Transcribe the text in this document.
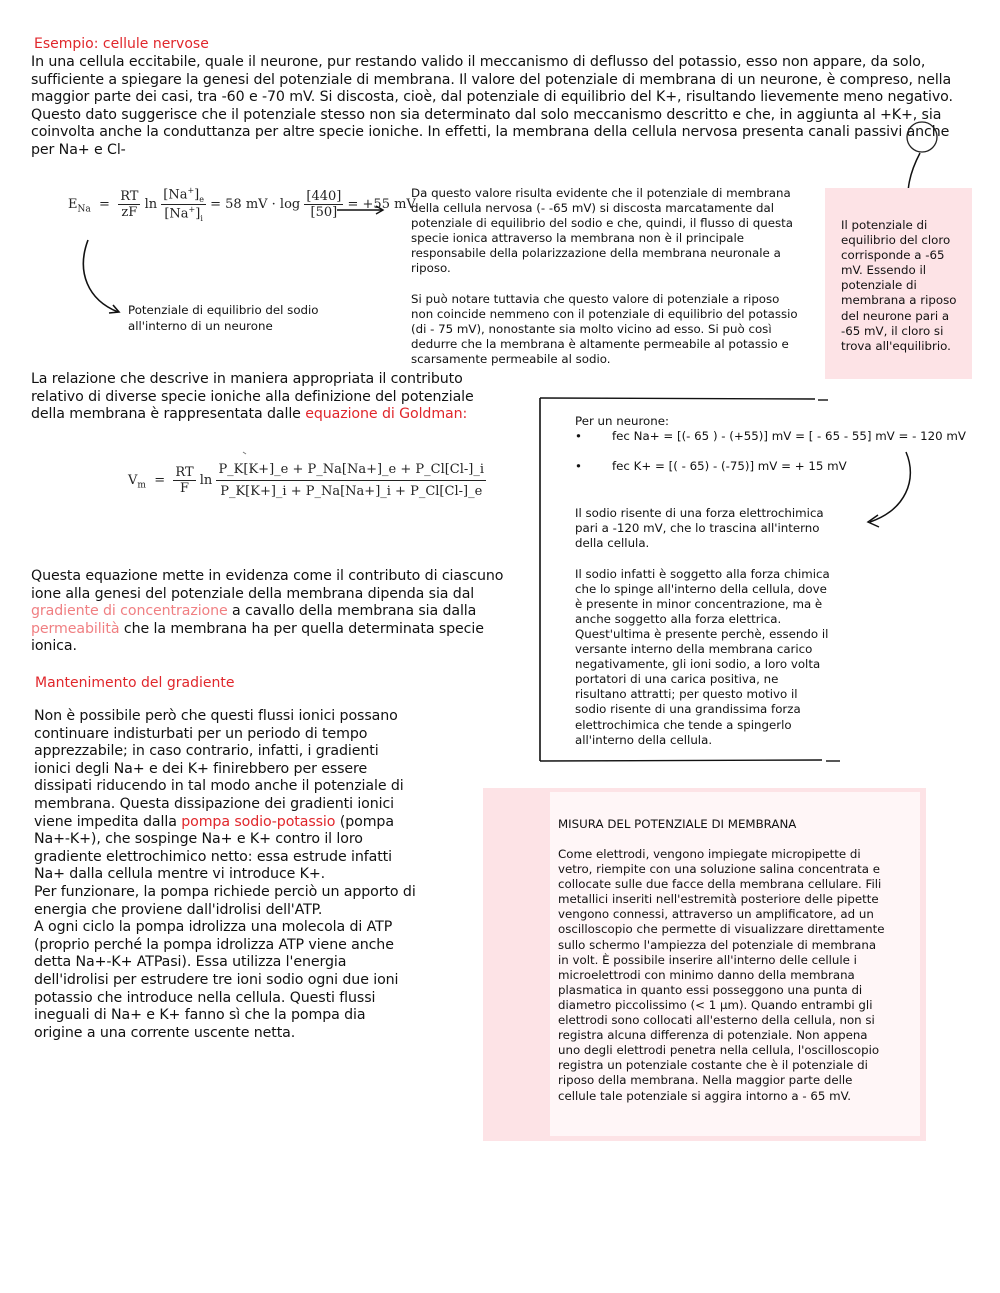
Esempio: cellule nervose

In una cellula eccitabile, quale il neurone, pur restando valido il meccanismo di deflusso del potassio, esso non appare, da solo, sufficiente a spiegare la genesi del potenziale di membrana. Il valore del potenziale di membrana di un neurone, è compreso, nella maggior parte dei casi, tra -60 e -70 mV. Si discosta, cioè, dal potenziale di equilibrio del K+, risultando lievemente meno negativo.

Questo dato suggerisce che il potenziale stesso non sia determinato dal solo meccanismo descritto e che, in aggiunta al +K+, sia coinvolta anche la conduttanza per altre specie ioniche. In effetti, la membrana della cellula nervosa presenta canali passivi anche per Na+ e Cl-

$E_{Na} = \frac{RT}{zF}$ $\ln \frac{[Na^+]_e}{[Na^+]_i} = 58$ mV · $\log \frac{[440]}{[50]} = +55$ mV
Potenziale di equilibrio del sodio all'interno di un neurone

Da questo valore risulta evidente che il potenziale di membrana della cellula nervosa (- -65 mV) si discosta marcatamente dal potenziale di equilibrio del sodio e che, quindi, il flusso di questa specie ionica attraverso la membrana non è il principale responsabile della polarizzazione della membrana neuronale a riposo.

Si può notare tuttavia che questo valore di potenziale a riposo non coincide nemmeno con il potenziale di equilibrio del potassio (di - 75 mV), nonostante sia molto vicino ad esso. Si può così dedurre che la membrana è altamente permeabile al potassio e scarsamente permeabile al sodio.

Il potenziale di equilibrio del cloro corrisponde a -65 mV. Essendo il potenziale di membrana a riposo del neurone pari a -65 mV, il cloro si trova all'equilibrio.
La relazione che descrive in maniera appropriata il contributo relativo di diverse specie ioniche alla definizione del potenziale della membrana è rappresentata dalle equazione di Goldman:
$V_m = \frac{RT}{F}$ $\ln \frac{P\_K[K+]\_e + P\_Na[Na+]\_e + P\_Cl[Cl-]\_i}{P\_K[K+]\_i + P\_Na[Na+]\_i + P\_Cl[Cl-]\_e}$
Questa equazione mette in evidenza come il contributo di ciascuno ione alla genesi del potenziale della membrana dipenda sia dal gradiente di concentrazione a cavallo della membrana sia dalla permeabilità che la membrana ha per quella determinata specie ionica.
Per un neurone:
•	fec Na+ = [(- 65 ) - (+55)] mV = [ - 65 - 55] mV = - 120 mV
•	fec K+ = [( - 65) - (-75)] mV = + 15 mV

Il sodio risente di una forza elettrochimica pari a -120 mV, che lo trascina all'interno della cellula.

Il sodio infatti è soggetto alla forza chimica che lo spinge all'interno della cellula, dove è presente in minor concentrazione, ma è anche soggetto alla forza elettrica. Quest'ultima è presente perchè, essendo il versante interno della membrana carico negativamente, gli ioni sodio, a loro volta portatori di una carica positiva, ne risultano attratti; per questo motivo il sodio risente di una grandissima forza elettrochimica che tende a spingerlo all'interno della cellula.

Mantenimento del gradiente

Non è possibile però che questi flussi ionici possano continuare indisturbati per un periodo di tempo apprezzabile; in caso contrario, infatti, i gradienti ionici degli Na+ e dei K+ finirebbero per essere dissipati riducendo in tal modo anche il potenziale di membrana. Questa dissipazione dei gradienti ionici viene impedita dalla pompa sodio-potassio (pompa Na+-K+), che sospinge Na+ e K+ contro il loro gradiente elettrochimico netto: essa estrude infatti Na+ dalla cellula mentre vi introduce K+.

Per funzionare, la pompa richiede perciò un apporto di energia che proviene dall'idrolisi dell'ATP.

A ogni ciclo la pompa idrolizza una molecola di ATP (proprio perché la pompa idrolizza ATP viene anche detta Na+-K+ ATPasi). Essa utilizza l'energia dell'idrolisi per estrudere tre ioni sodio ogni due ioni potassio che introduce nella cellula. Questi flussi ineguali di Na+ e K+ fanno sì che la pompa dia origine a una corrente uscente netta.

MISURA DEL POTENZIALE DI MEMBRANA
Come elettrodi, vengono impiegate micropipette di vetro, riempite con una soluzione salina concentrata e collocate sulle due facce della membrana cellulare. Fili metallici inseriti nell'estremità posteriore delle pipette vengono connessi, attraverso un amplificatore, ad un oscilloscopio che permette di visualizzare direttamente sullo schermo l'ampiezza del potenziale di membrana in volt. È possibile inserire all'interno delle cellule i microelettrodi con minimo danno della membrana plasmatica in quanto essi posseggono una punta di diametro piccolissimo (< 1 µm). Quando entrambi gli elettrodi sono collocati all'esterno della cellula, non si registra alcuna differenza di potenziale. Non appena uno degli elettrodi penetra nella cellula, l'oscilloscopio registra un potenziale costante che è il potenziale di riposo della membrana. Nella maggior parte delle cellule tale potenziale si aggira intorno a - 65 mV.
